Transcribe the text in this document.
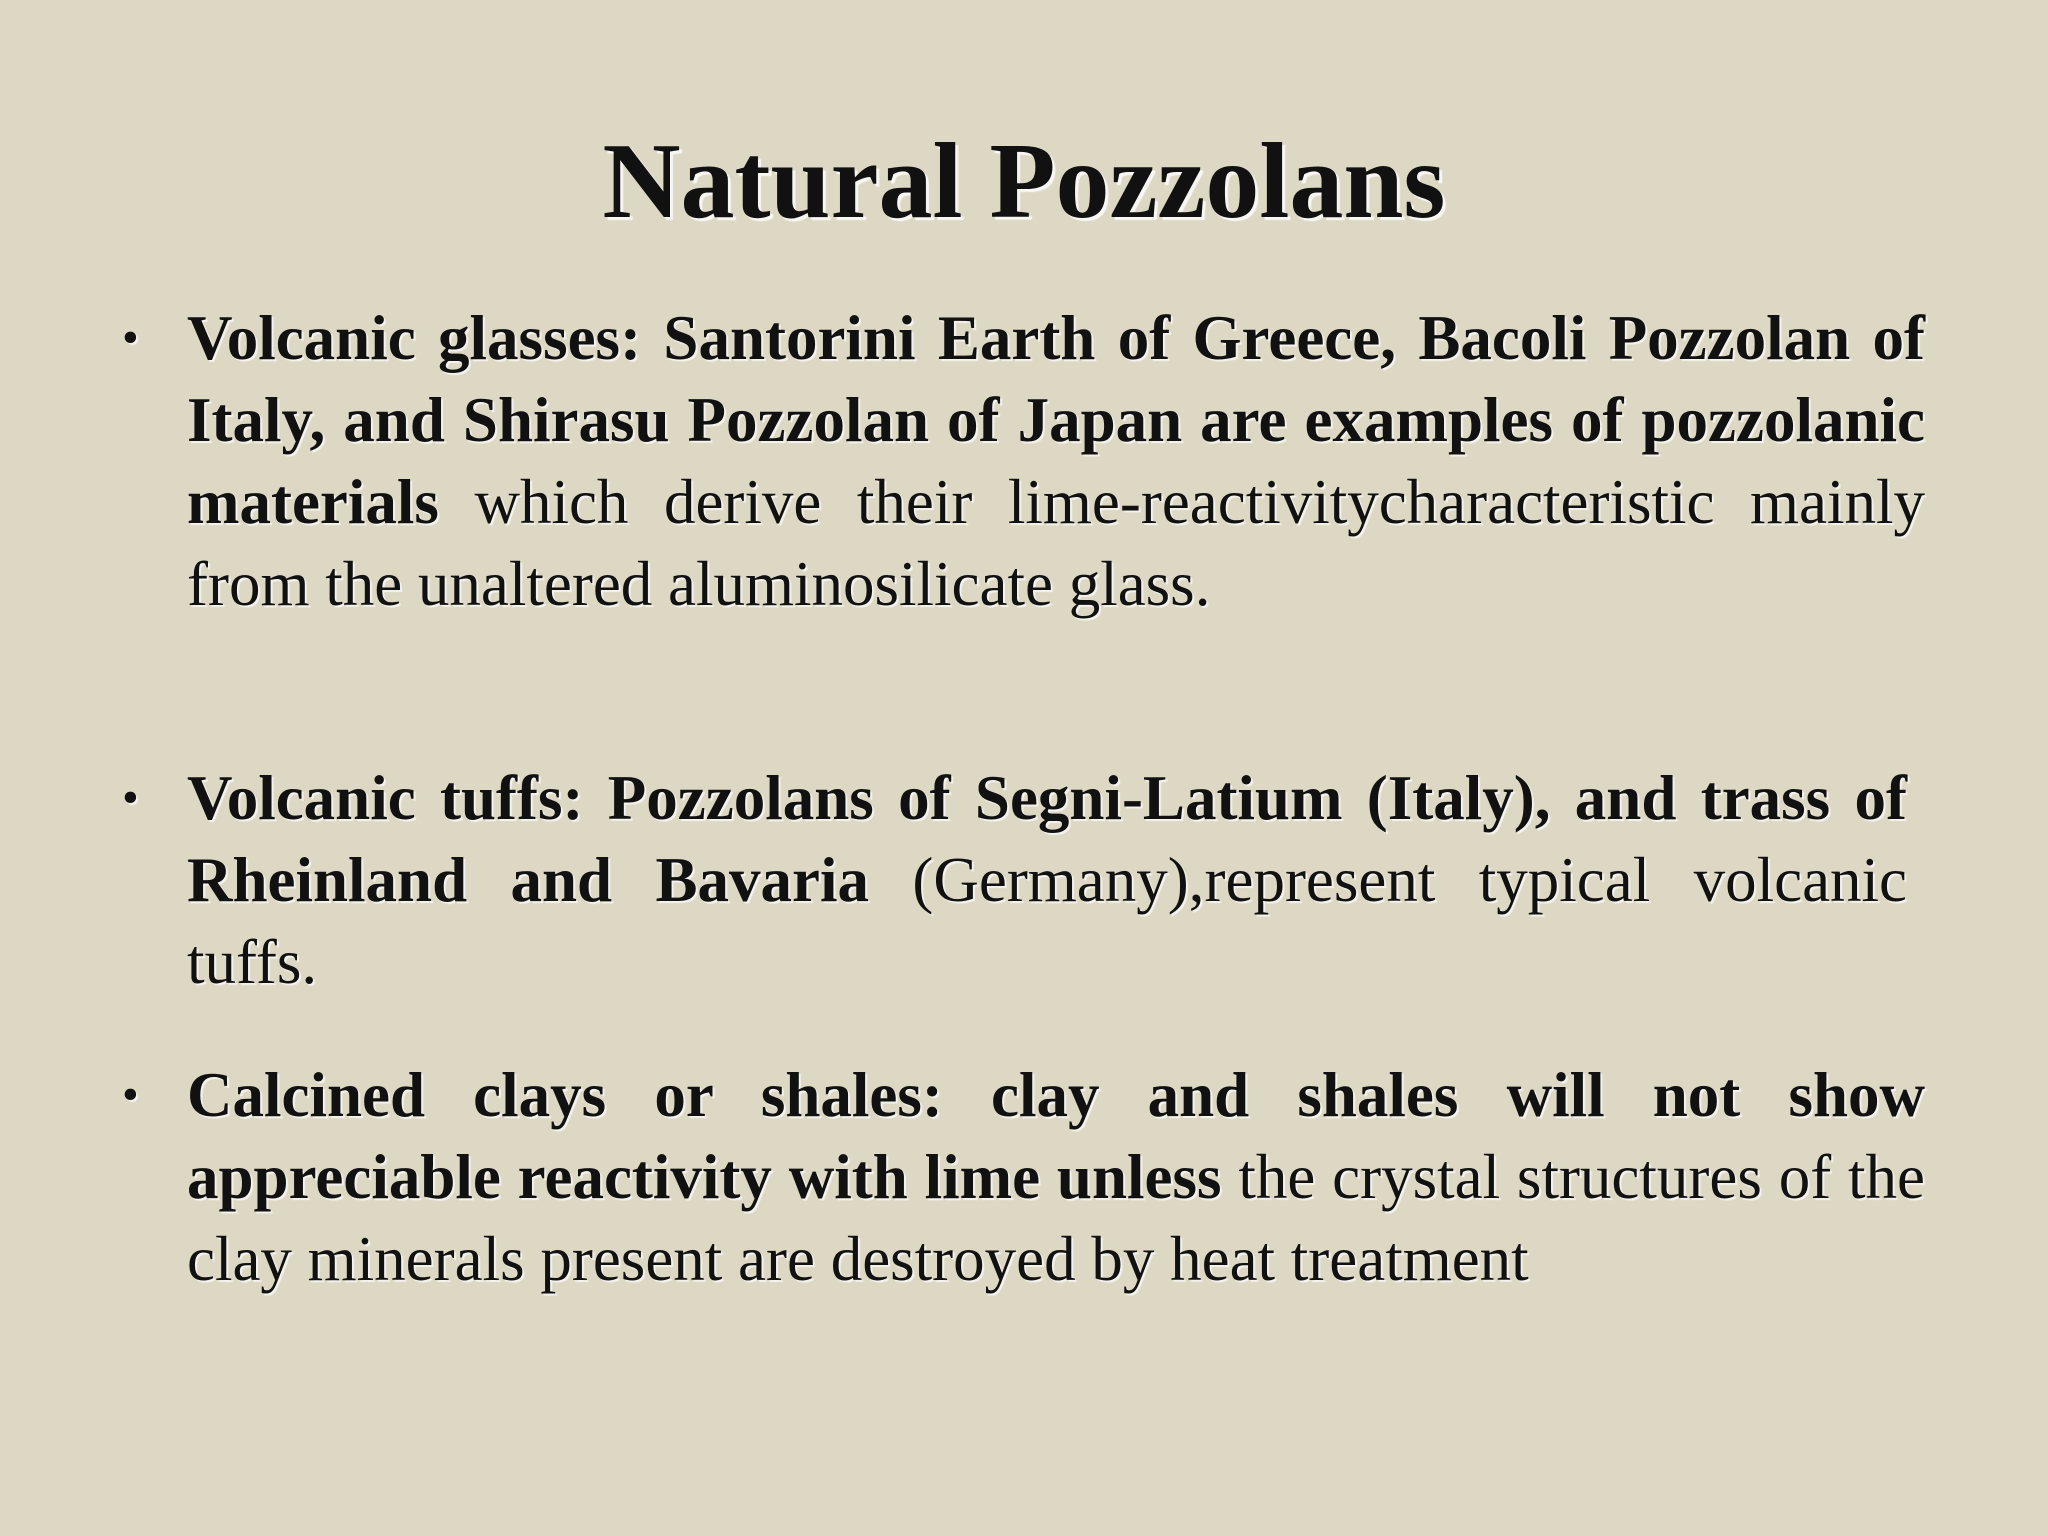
Natural Pozzolans
• Volcanic glasses: Santorini Earth of Greece, Bacoli Pozzolan of Italy, and Shirasu Pozzolan of Japan are examples of pozzolanic materials which derive their lime-reactivitycharacteristic mainly from the unaltered aluminosilicate glass.
• Volcanic tuffs: Pozzolans of Segni-Latium (Italy), and trass of Rheinland and Bavaria (Germany),represent typical volcanic tuffs.
• Calcined clays or shales: clay and shales will not show appreciable reactivity with lime unless the crystal structures of the clay minerals present are destroyed by heat treatment
